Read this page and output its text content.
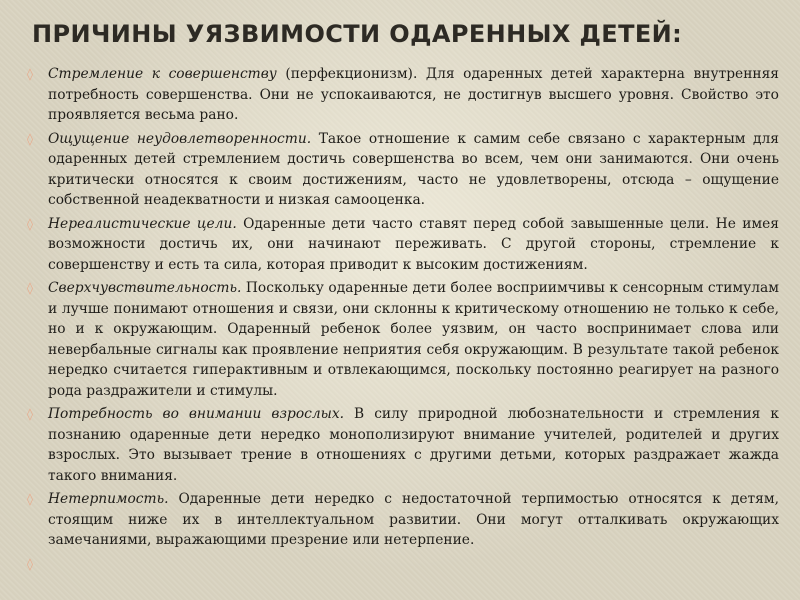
ПРИЧИНЫ УЯЗВИМОСТИ ОДАРЕННЫХ ДЕТЕЙ:
◊ Стремление к совершенству (перфекционизм). Для одаренных детей характерна внутренняя потребность совершенства. Они не успокаиваются, не достигнув высшего уровня. Свойство это проявляется весьма рано.
◊ Ощущение неудовлетворенности. Такое отношение к самим себе связано с характерным для одаренных детей стремлением достичь совершенства во всем, чем они занимаются. Они очень критически относятся к своим достижениям, часто не удовлетворены, отсюда – ощущение собственной неадекватности и низкая самооценка.
◊ Нереалистические цели. Одаренные дети часто ставят перед собой завышенные цели. Не имея возможности достичь их, они начинают переживать. С другой стороны, стремление к совершенству и есть та сила, которая приводит к высоким достижениям.
◊ Сверхчувствительность. Поскольку одаренные дети более восприимчивы к сенсорным стимулам и лучше понимают отношения и связи, они склонны к критическому отношению не только к себе, но и к окружающим. Одаренный ребенок более уязвим, он часто воспринимает слова или невербальные сигналы как проявление неприятия себя окружающим. В результате такой ребенок нередко считается гиперактивным и отвлекающимся, поскольку постоянно реагирует на разного рода раздражители и стимулы.
◊ Потребность во внимании взрослых. В силу природной любознательности и стремления к познанию одаренные дети нередко монополизируют внимание учителей, родителей и других взрослых. Это вызывает трение в отношениях с другими детьми, которых раздражает жажда такого внимания.
◊ Нетерпимость. Одаренные дети нередко с недостаточной терпимостью относятся к детям, стоящим ниже их в интеллектуальном развитии. Они могут отталкивать окружающих замечаниями, выражающими презрение или нетерпение.
◊
